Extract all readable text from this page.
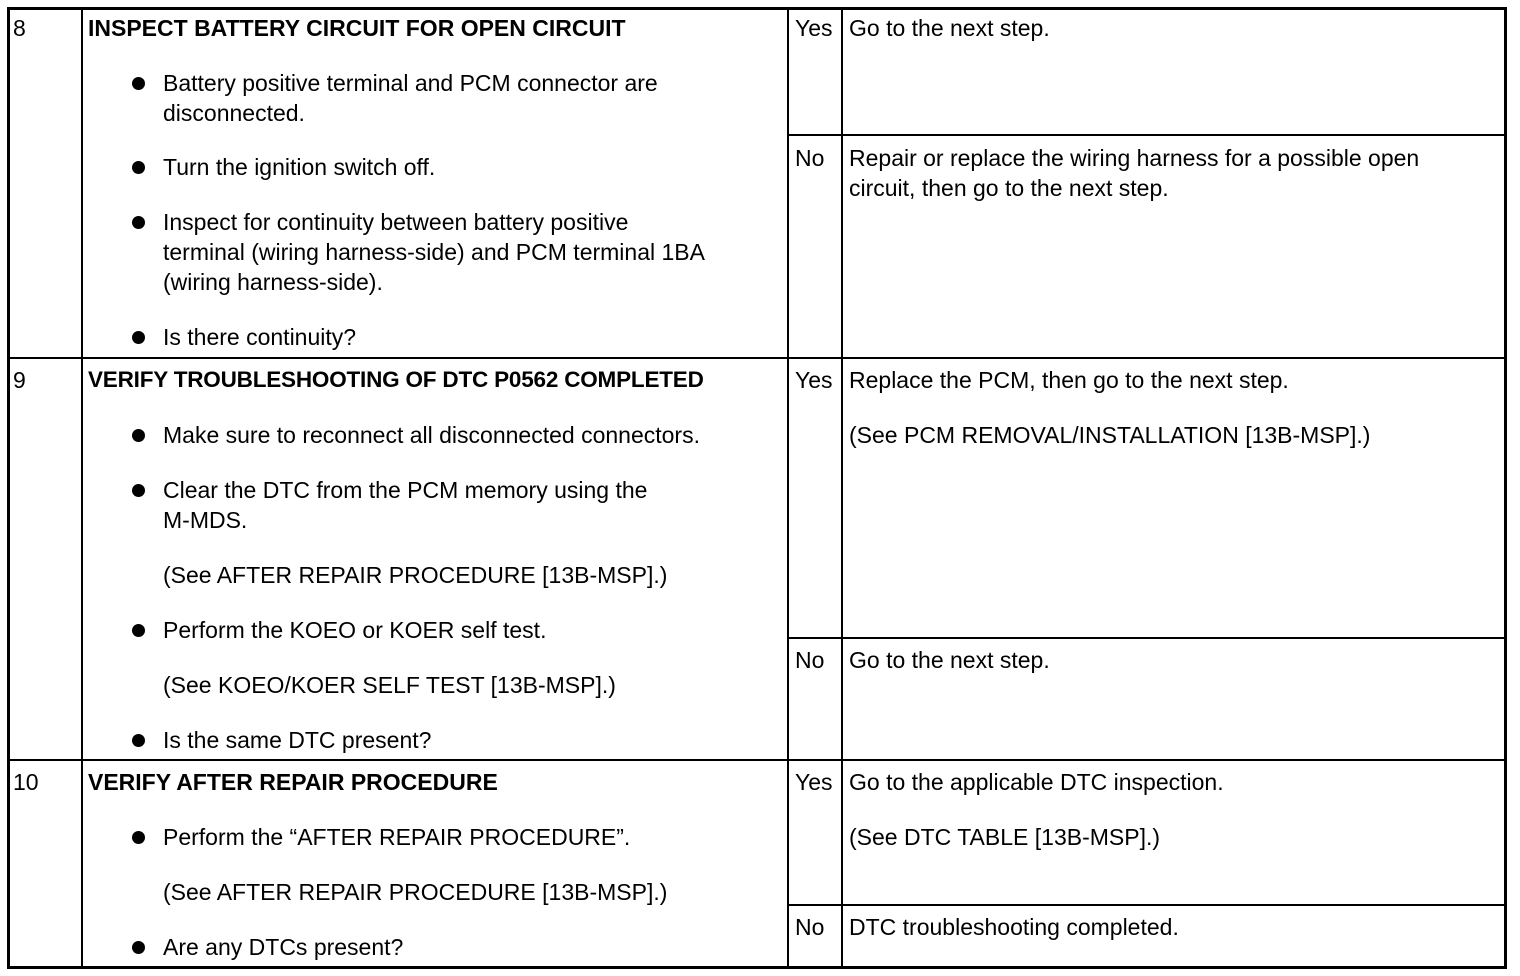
8	INSPECT BATTERY CIRCUIT FOR OPEN CIRCUIT
Battery positive terminal and PCM connector are
disconnected.
Turn the ignition switch off.
Inspect for continuity between battery positive
terminal (wiring harness-side) and PCM terminal 1BA
(wiring harness-side).
Is there continuity?
Yes Go to the next step.
No Repair or replace the wiring harness for a possible open
circuit, then go to the next step.
9	VERIFY TROUBLESHOOTING OF DTC P0562 COMPLETED
Make sure to reconnect all disconnected connectors.
Clear the DTC from the PCM memory using the
M-MDS.
(See AFTER REPAIR PROCEDURE [13B-MSP].)
Perform the KOEO or KOER self test.
(See KOEO/KOER SELF TEST [13B-MSP].)
Is the same DTC present?
Yes Replace the PCM, then go to the next step.
(See PCM REMOVAL/INSTALLATION [13B-MSP].)
No Go to the next step.
10 VERIFY AFTER REPAIR PROCEDURE
Perform the “AFTER REPAIR PROCEDURE”.
(See AFTER REPAIR PROCEDURE [13B-MSP].)
Are any DTCs present?
Yes Go to the applicable DTC inspection.
(See DTC TABLE [13B-MSP].)
No DTC troubleshooting completed.
